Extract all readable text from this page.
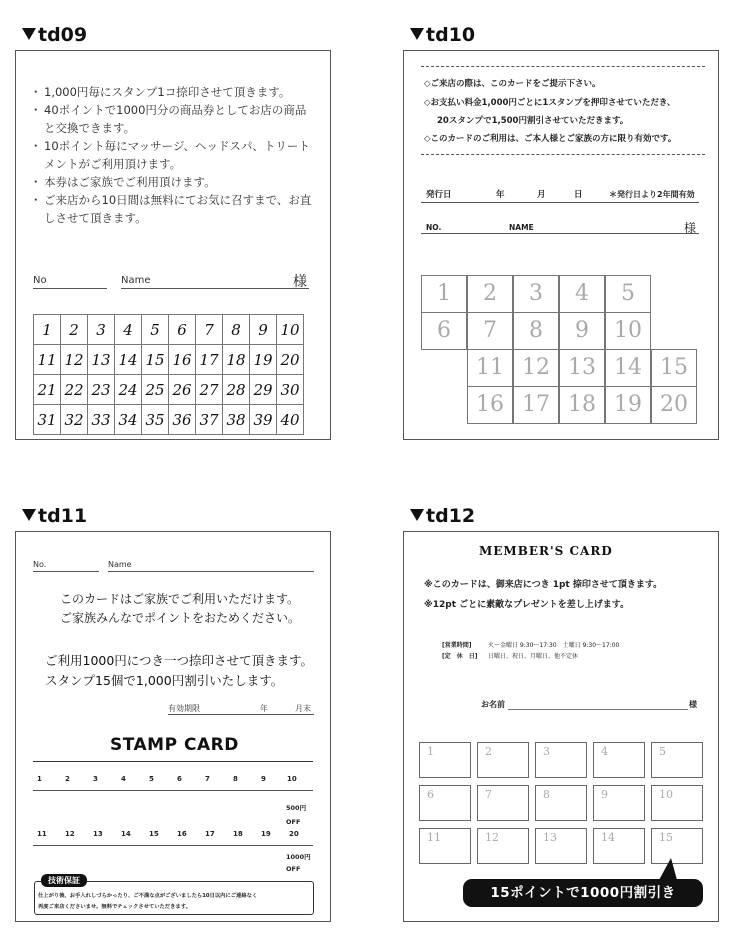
td09
・ 1,000円毎にスタンプ1コ捺印させて頂きます。
・ 40ポイントで1000円分の商品券としてお店の商品と交換できます。
・ 10ポイント毎にマッサージ、ヘッドスパ、トリートメントがご利用頂けます。
・ 本券はご家族でご利用頂けます。
・ ご来店から10日間は無料にてお気に召すまで、お直しさせて頂きます。
No	Name	様
1	2	3	4	5	6	7	8	9	10
11	12	13	14	15	16	17	18	19	20
21	22	23	24	25	26	27	28	29	30
31	32	33	34	35	36	37	38	39	40
td10
◇ご来店の際は、このカードをご提示下さい。
◇お支払い料金1,000円ごとに1スタンプを押印させていただき、
20スタンプで1,500円割引させていただきます。
◇このカードのご利用は、ご本人様とご家族の方に限り有効です。
発行日	年	月	日	＊発行日より2年間有効
NO.	NAME	様
1	2	3	4	5
6	7	8	9	10
11 12 13 14 15
16 17 18 19 20
td11
No.	Name
このカードはご家族でご利用いただけます。
ご家族みんなでポイントをおためください。
ご利用1000円につき一つ捺印させて頂きます。
スタンプ15個で1,000円割引いたします。
有効期限	年	月末
STAMP CARD
1	2	3	4	5	6	7	8	9	10
500円
OFF
11	12	13	14	15	16	17	18	19	20
1000円
OFF
技術保証
仕上がり後、お手入れしづらかったり、ご不満な点がございましたら10日以内にご連絡なく
再度ご来店くださいませ。無料でチェックさせていただきます。
td12
MEMBER'S CARD
※このカードは、御来店につき 1pt 捺印させて頂きます。
※12pt ごとに素敵なプレゼントを差し上げます。
[営業時間]	火〜金曜日 9:30〜17:30　土曜日 9:30〜17:00
[定　休　日] 日曜日、祝日、月曜日、他不定休
お名前	様
1	2	3	4	5
6	7	8	9	10
11	12	13	14	15
15ポイントで1000円割引き
